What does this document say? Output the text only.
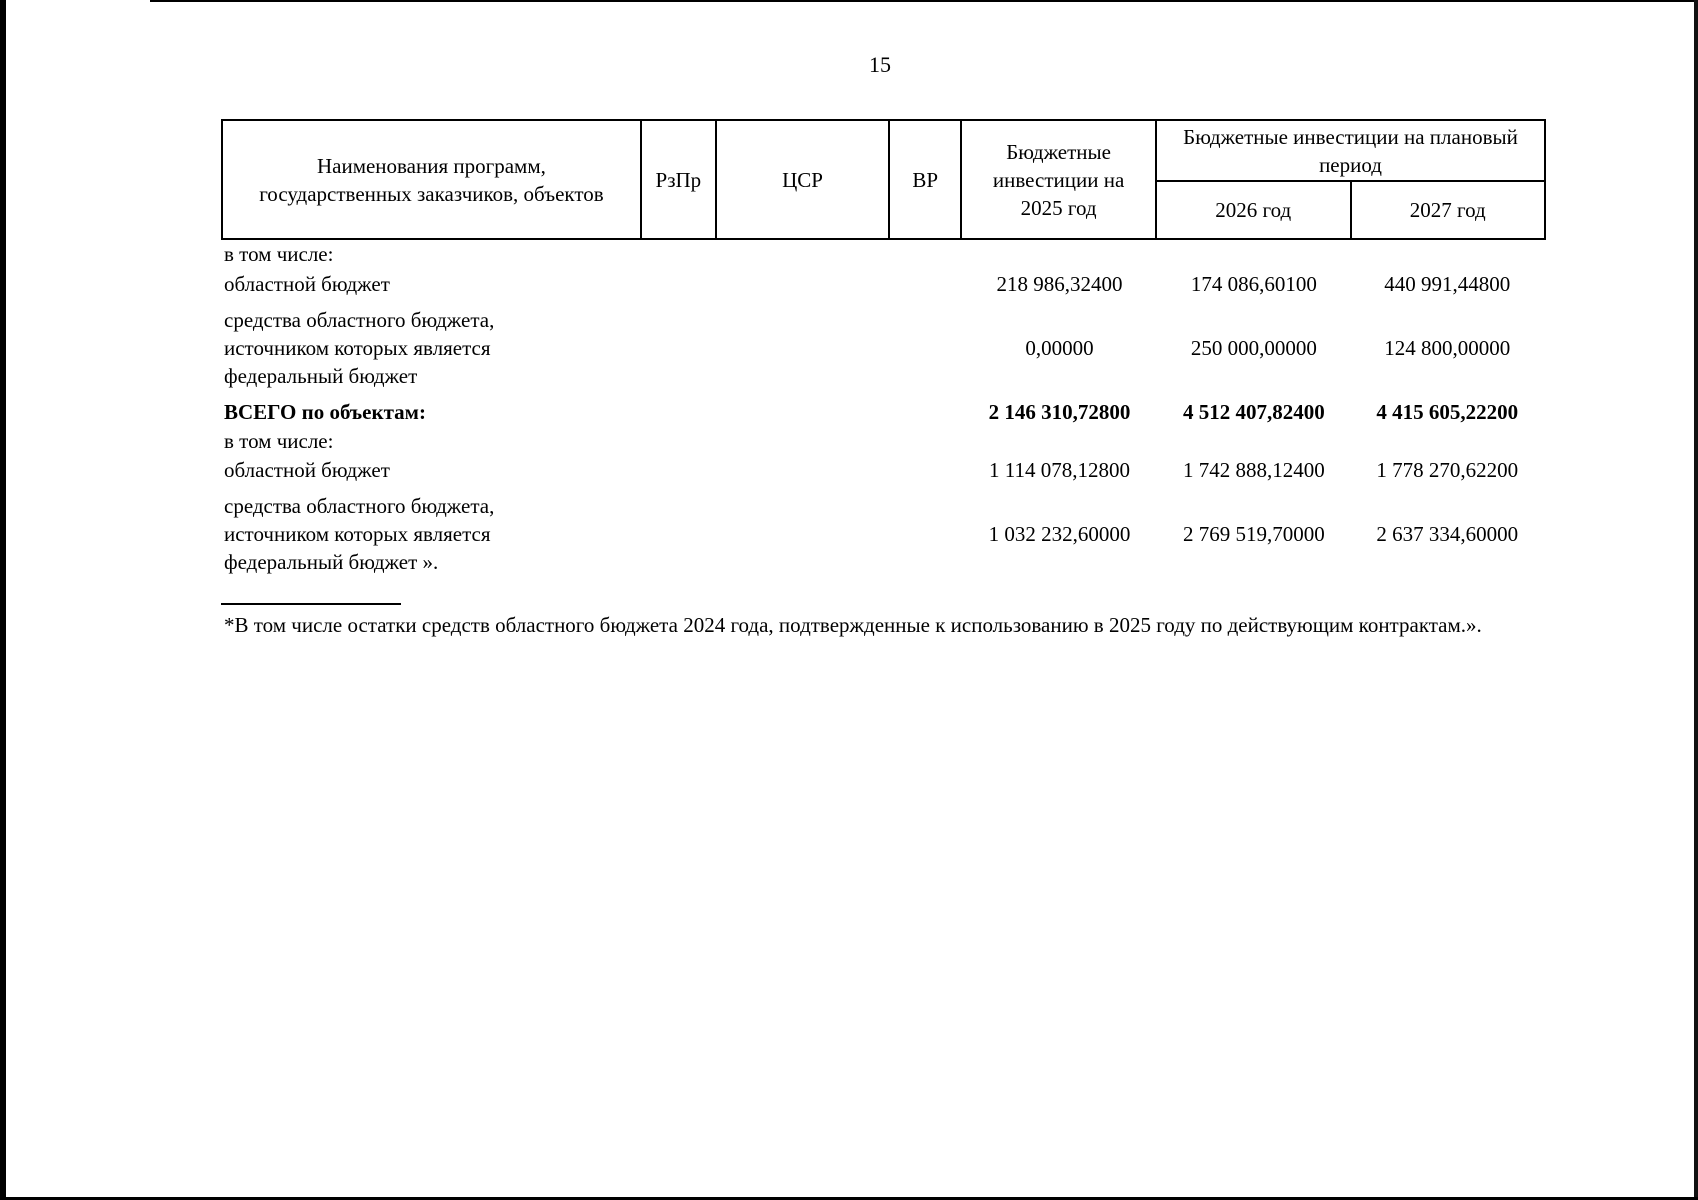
15
Наименования программ, государственных заказчиков, объектов	РзПр	ЦСР	ВР	Бюджетные инвестиции на 2025 год	Бюджетные инвестиции на плановый период	
					2026 год	2027 год
в том числе:
областной бюджет	218 986,32400	174 086,60100	440 991,44800
средства областного бюджета,
источником которых является
федеральный бюджет
0,00000	250 000,00000	124 800,00000
ВСЕГО по объектам:	2 146 310,72800	4 512 407,82400	4 415 605,22200
в том числе:
областной бюджет	1 114 078,12800	1 742 888,12400	1 778 270,62200
средства областного бюджета,
источником которых является
федеральный бюджет ».
1 032 232,60000	2 769 519,70000	2 637 334,60000
*В том числе остатки средств областного бюджета 2024 года, подтвержденные к использованию в 2025 году по действующим контрактам.».
